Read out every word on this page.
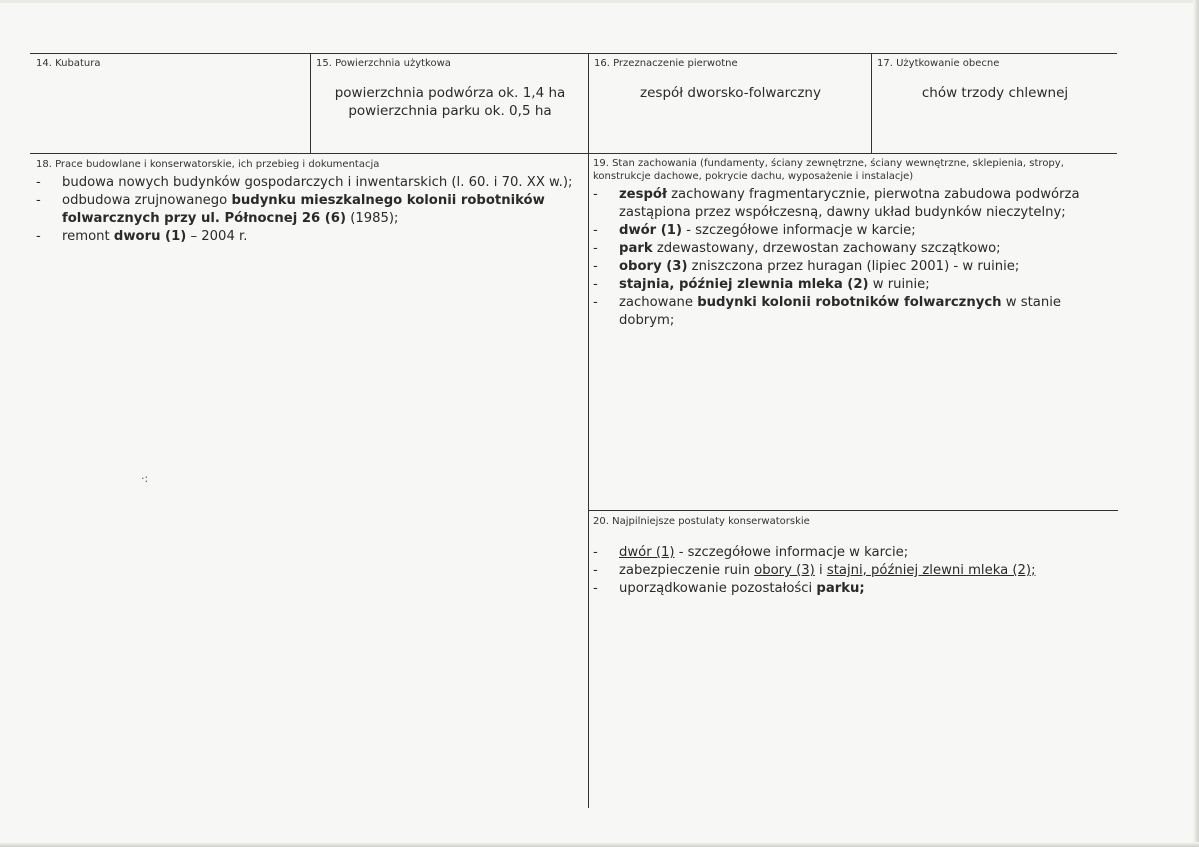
14. Kubatura	15. Powierzchnia użytkowa
powierzchnia podwórza ok. 1,4 ha
powierzchnia parku ok. 0,5 ha
16. Przeznaczenie pierwotne
zespół dworsko-folwarczny
17. Użytkowanie obecne
chów trzody chlewnej
18. Prace budowlane i konserwatorskie, ich przebieg i dokumentacja
- budowa nowych budynków gospodarczych i inwentarskich (l. 60. i 70. XX w.);
- odbudowa zrujnowanego budynku mieszkalnego kolonii robotników folwarcznych przy ul. Północnej 26 (6) (1985);
- remont dworu (1) – 2004 r.
·:
19. Stan zachowania (fundamenty, ściany zewnętrzne, ściany wewnętrzne, sklepienia, stropy, konstrukcje dachowe, pokrycie dachu, wyposażenie i instalacje)
- zespół zachowany fragmentarycznie, pierwotna zabudowa podwórza zastąpiona przez współczesną, dawny układ budynków nieczytelny;
- dwór (1) - szczegółowe informacje w karcie;
- park zdewastowany, drzewostan zachowany szczątkowo;
- obory (3) zniszczona przez huragan (lipiec 2001) - w ruinie;
- stajnia, później zlewnia mleka (2) w ruinie;
- zachowane budynki kolonii robotników folwarcznych w stanie dobrym;
20. Najpilniejsze postulaty konserwatorskie
- dwór (1) - szczegółowe informacje w karcie;
- zabezpieczenie ruin obory (3) i stajni, później zlewni mleka (2);
- uporządkowanie pozostałości parku;
